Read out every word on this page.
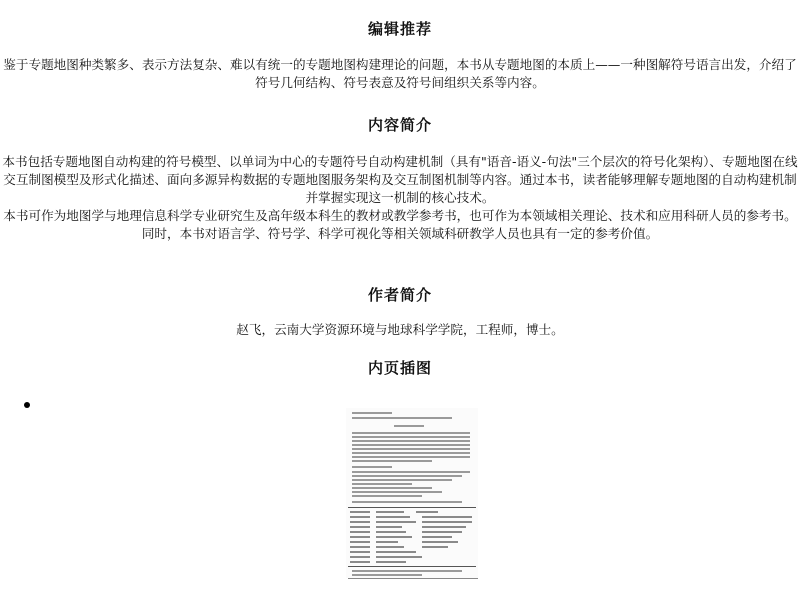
编辑推荐

鉴于专题地图种类繁多、表示方法复杂、难以有统一的专题地图构建理论的问题，本书从专题地图的本质上——一种图解符号语言出发，介绍了符号几何结构、符号表意及符号间组织关系等内容。

内容简介
本书包括专题地图自动构建的符号模型、以单词为中心的专题符号自动构建机制（具有"语音-语义-句法"三个层次的符号化架构）、专题地图在线交互制图模型及形式化描述、面向多源异构数据的专题地图服务架构及交互制图机制等内容。通过本书，读者能够理解专题地图的自动构建机制并掌握实现这一机制的核心技术。
本书可作为地图学与地理信息科学专业研究生及高年级本科生的教材或教学参考书，也可作为本领域相关理论、技术和应用科研人员的参考书。同时，本书对语言学、符号学、科学可视化等相关领域科研教学人员也具有一定的参考价值。
作者简介

赵飞，云南大学资源环境与地球科学学院，工程师，博士。

内页插图
